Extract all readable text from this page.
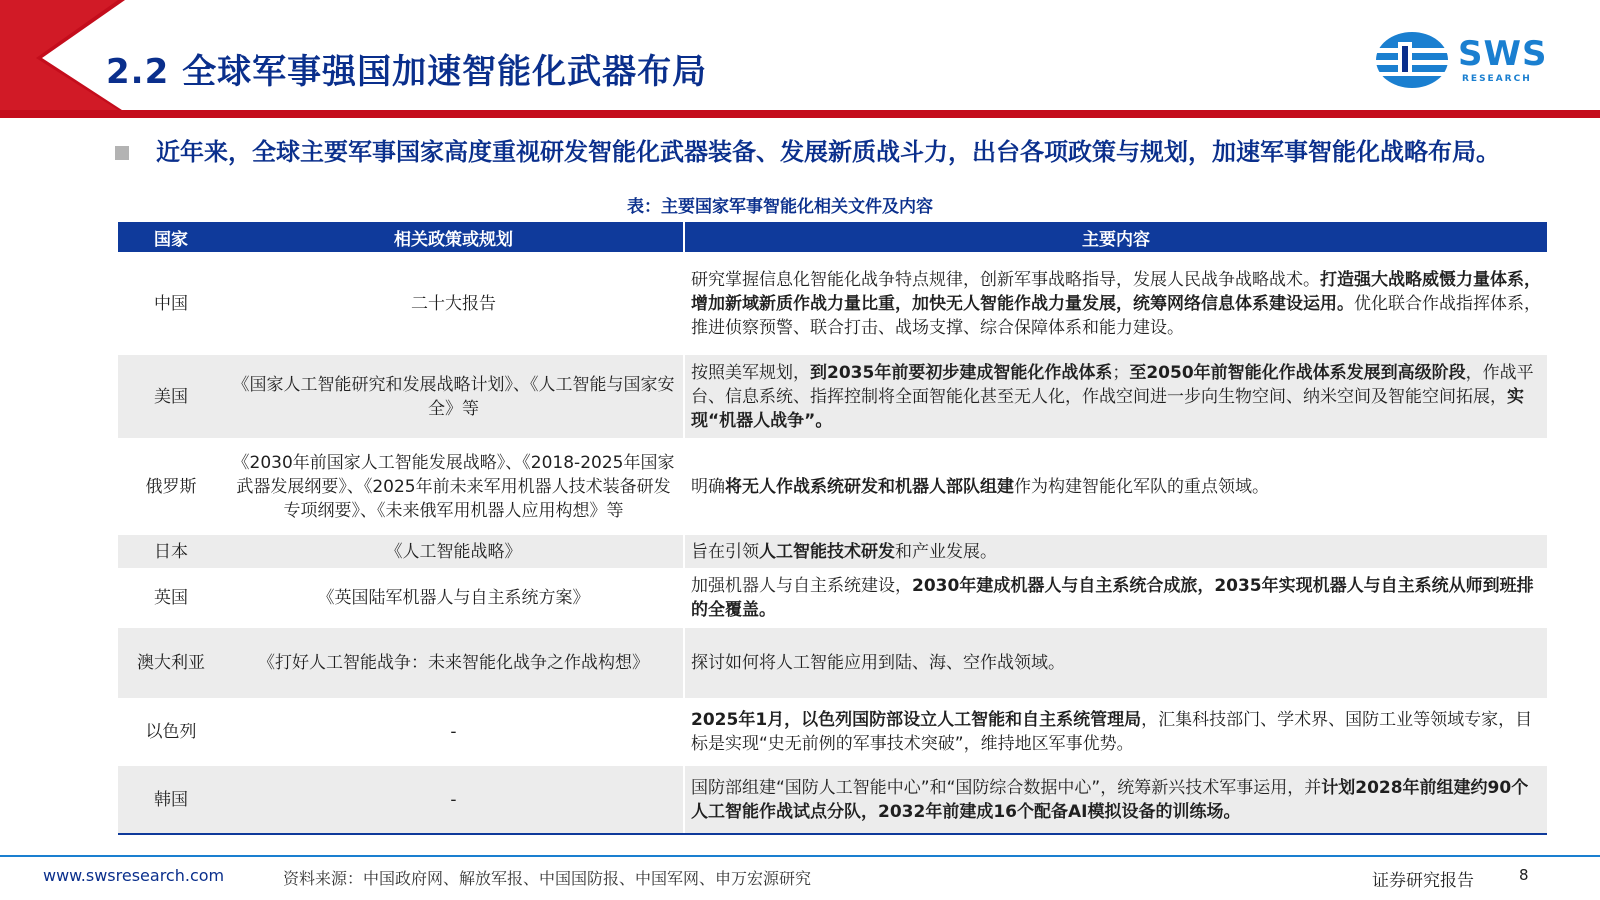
2.2 全球军事强国加速智能化武器布局	SWS
RESEARCH
近年来，全球主要军事国家高度重视研发智能化武器装备、发展新质战斗力，出台各项政策与规划，加速军事智能化战略布局。
表：主要国家军事智能化相关文件及内容
国家	相关政策或规划	主要内容
中国	二十大报告	研究掌握信息化智能化战争特点规律，创新军事战略指导，发展人民战争战略战术。打造强大战略威慑力量体系，增加新域新质作战力量比重，加快无人智能作战力量发展，统筹网络信息体系建设运用。优化联合作战指挥体系，推进侦察预警、联合打击、战场支撑、综合保障体系和能力建设。
美国	《国家人工智能研究和发展战略计划》、《人工智能与国家安全》等	按照美军规划，到2035年前要初步建成智能化作战体系；至2050年前智能化作战体系发展到高级阶段，作战平台、信息系统、指挥控制将全面智能化甚至无人化，作战空间进一步向生物空间、纳米空间及智能空间拓展，实现“机器人战争”。
俄罗斯	《2030年前国家人工智能发展战略》、《2018-2025年国家武器发展纲要》、《2025年前未来军用机器人技术装备研发专项纲要》、《未来俄军用机器人应用构想》等	明确将无人作战系统研发和机器人部队组建作为构建智能化军队的重点领域。
日本	《人工智能战略》	旨在引领人工智能技术研发和产业发展。
英国	《英国陆军机器人与自主系统方案》	加强机器人与自主系统建设，2030年建成机器人与自主系统合成旅，2035年实现机器人与自主系统从师到班排的全覆盖。
澳大利亚	《打好人工智能战争：未来智能化战争之作战构想》	探讨如何将人工智能应用到陆、海、空作战领域。
以色列	-	2025年1月，以色列国防部设立人工智能和自主系统管理局，汇集科技部门、学术界、国防工业等领域专家，目标是实现“史无前例的军事技术突破”，维持地区军事优势。
韩国	-	国防部组建“国防人工智能中心”和“国防综合数据中心”，统筹新兴技术军事运用，并计划2028年前组建约90个人工智能作战试点分队，2032年前建成16个配备AI模拟设备的训练场。
www.swsresearch.com	资料来源：中国政府网、解放军报、中国国防报、中国军网、申万宏源研究	证券研究报告	8
